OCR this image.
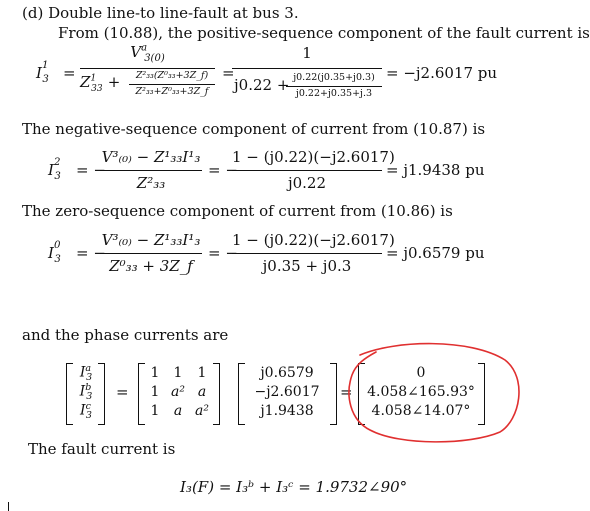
(d) Double line-to line-fault at bus 3.
From (10.88), the positive-sequence component of the fault current is
$I^1_3$ =
$V^a$ $_{3(0)}$
$Z^1_{33}$ +	Z²₃₃(Z⁰₃₃+3Z_f)
Z²₃₃+Z⁰₃₃+3Z_f
=
1
j0.22 + j0.22(j0.35+j0.3)
j0.22+j0.35+j.3
= −j2.6017 pu
The negative-sequence component of current from (10.87) is
$I^2_3$ = −
V³₍₀₎ − Z¹₃₃I¹₃
Z²₃₃
= −
1 − (j0.22)(−j2.6017)
j0.22
= j1.9438 pu
The zero-sequence component of current from (10.86) is
$I^0_3$ = −
V³₍₀₎ − Z¹₃₃I¹₃
Z⁰₃₃ + 3Z_f
= −
1 − (j0.22)(−j2.6017)
j0.35 + j0.3
= j0.6579 pu
and the phase currents are
$I^a_3$
$I^b_3$
$I^c_3$
=
1	1	1
1 a² a
1	a a²
j0.6579
−j2.6017
j1.9438
=
0
4.058∠165.93°
4.058∠14.07°
The fault current is
I₃(F) = I₃ᵇ + I₃ᶜ = 1.9732∠90°
